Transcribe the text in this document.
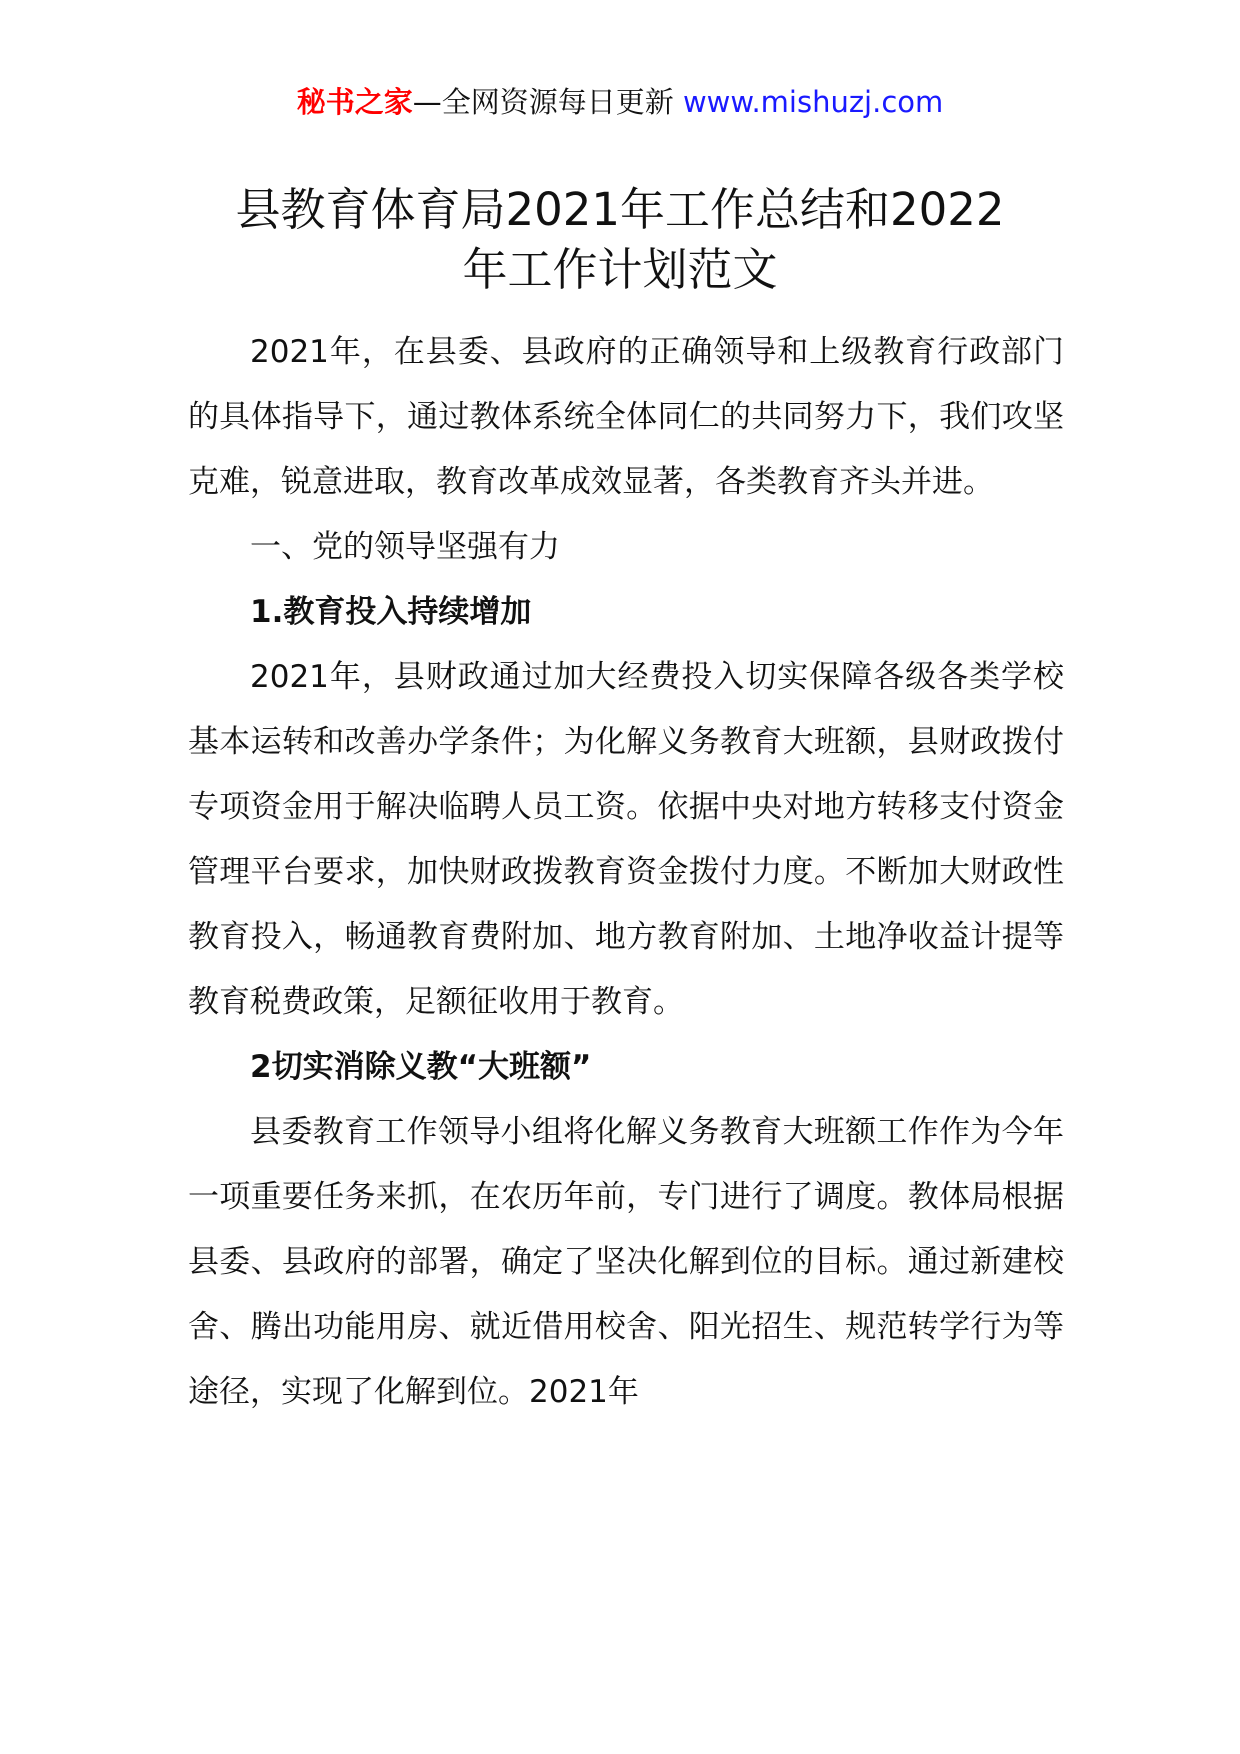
秘书之家—全网资源每日更新 www.mishuzj.com
县教育体育局2021年工作总结和2022
年工作计划范文

2021年，在县委、县政府的正确领导和上级教育行政部门的具体指导下，通过教体系统全体同仁的共同努力下，我们攻坚克难，锐意进取，教育改革成效显著，各类教育齐头并进。

一、党的领导坚强有力

1.教育投入持续增加

2021年，县财政通过加大经费投入切实保障各级各类学校基本运转和改善办学条件；为化解义务教育大班额，县财政拨付专项资金用于解决临聘人员工资。依据中央对地方转移支付资金管理平台要求，加快财政拨教育资金拨付力度。不断加大财政性教育投入，畅通教育费附加、地方教育附加、土地净收益计提等教育税费政策，足额征收用于教育。

2切实消除义教“大班额”

县委教育工作领导小组将化解义务教育大班额工作作为今年一项重要任务来抓，在农历年前，专门进行了调度。教体局根据县委、县政府的部署，确定了坚决化解到位的目标。通过新建校舍、腾出功能用房、就近借用校舍、阳光招生、规范转学行为等途径，实现了化解到位。2021年
